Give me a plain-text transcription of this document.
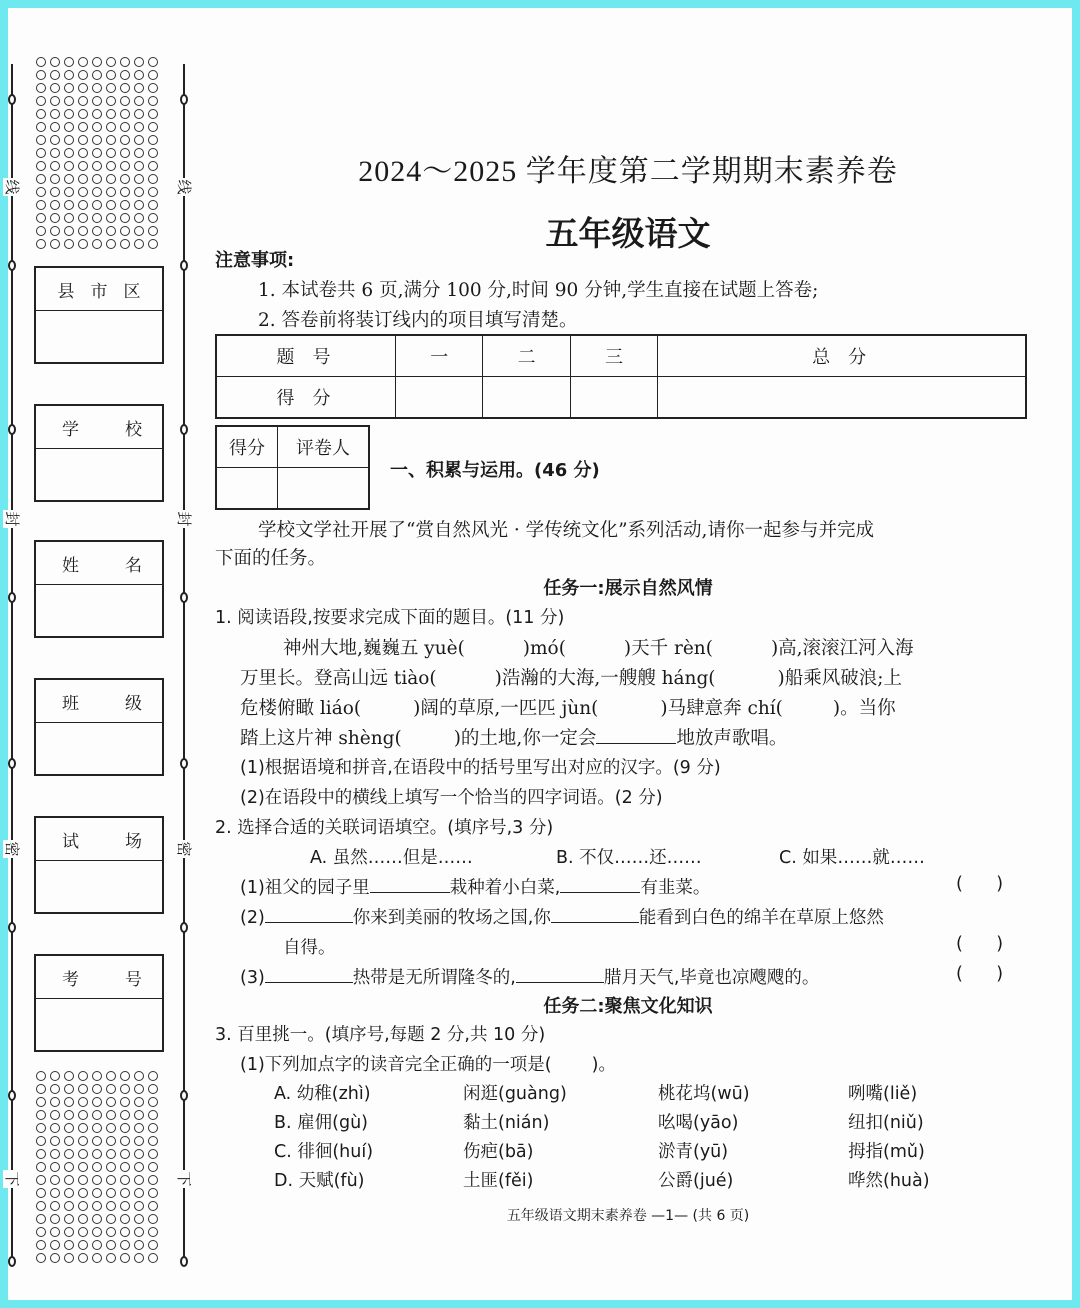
线
封
密
下
线
封
密
下
县 市 区
学	校
姓	名
班	级
试	场
考	号
2024～2025 学年度第二学期期末素养卷
五年级语文
注意事项:
1. 本试卷共 6 页,满分 100 分,时间 90 分钟,学生直接在试题上答卷;
2. 答卷前将装订线内的项目填写清楚。
题号	一	二	三	总分
得分				
得分	评卷人

一、积累与运用。(46 分)
学校文学社开展了“赏自然风光 · 学传统文化”系列活动,请你一起参与并完成
下面的任务。
任务一:展示自然风情
1. 阅读语段,按要求完成下面的题目。(11 分)
神州大地,巍巍五 yuè(	)mó(	)天千 rèn(	)高,滚滚江河入海
万里长。登高山远 tiào(	)浩瀚的大海,一艘艘 háng(	)船乘风破浪;上
危楼俯瞰 liáo(	)阔的草原,一匹匹 jùn(	)马肆意奔 chí(	)。当你
踏上这片神 shèng(	)的土地,你一定会	地放声歌唱。
(1)根据语境和拼音,在语段中的括号里写出对应的汉字。(9 分)
(2)在语段中的横线上填写一个恰当的四字词语。(2 分)
2. 选择合适的关联词语填空。(填序号,3 分)
A. 虽然……但是……	B. 不仅……还……	C. 如果……就……
(1)祖父的园子里	栽种着小白菜,	有韭菜。	(      )
(2)	你来到美丽的牧场之国,你	能看到白色的绵羊在草原上悠然
自得。	(      )
(3)	热带是无所谓隆冬的,	腊月天气,毕竟也凉飕飕的。	(      )
任务二:聚焦文化知识
3. 百里挑一。(填序号,每题 2 分,共 10 分)
(1)下列加点字的读音完全正确的一项是( )。
A. 幼稚(zhì)	闲逛(guàng)	桃花坞(wū)	咧嘴(liě)
B. 雇佣(gù)	黏土(nián)	吆喝(yāo)	纽扣(niǔ)
C. 徘徊(huí)	伤疤(bā)	淤青(yū)	拇指(mǔ)
D. 天赋(fù)	土匪(fěi)	公爵(jué)	哗然(huà)
五年级语文期末素养卷 —1— (共 6 页)
